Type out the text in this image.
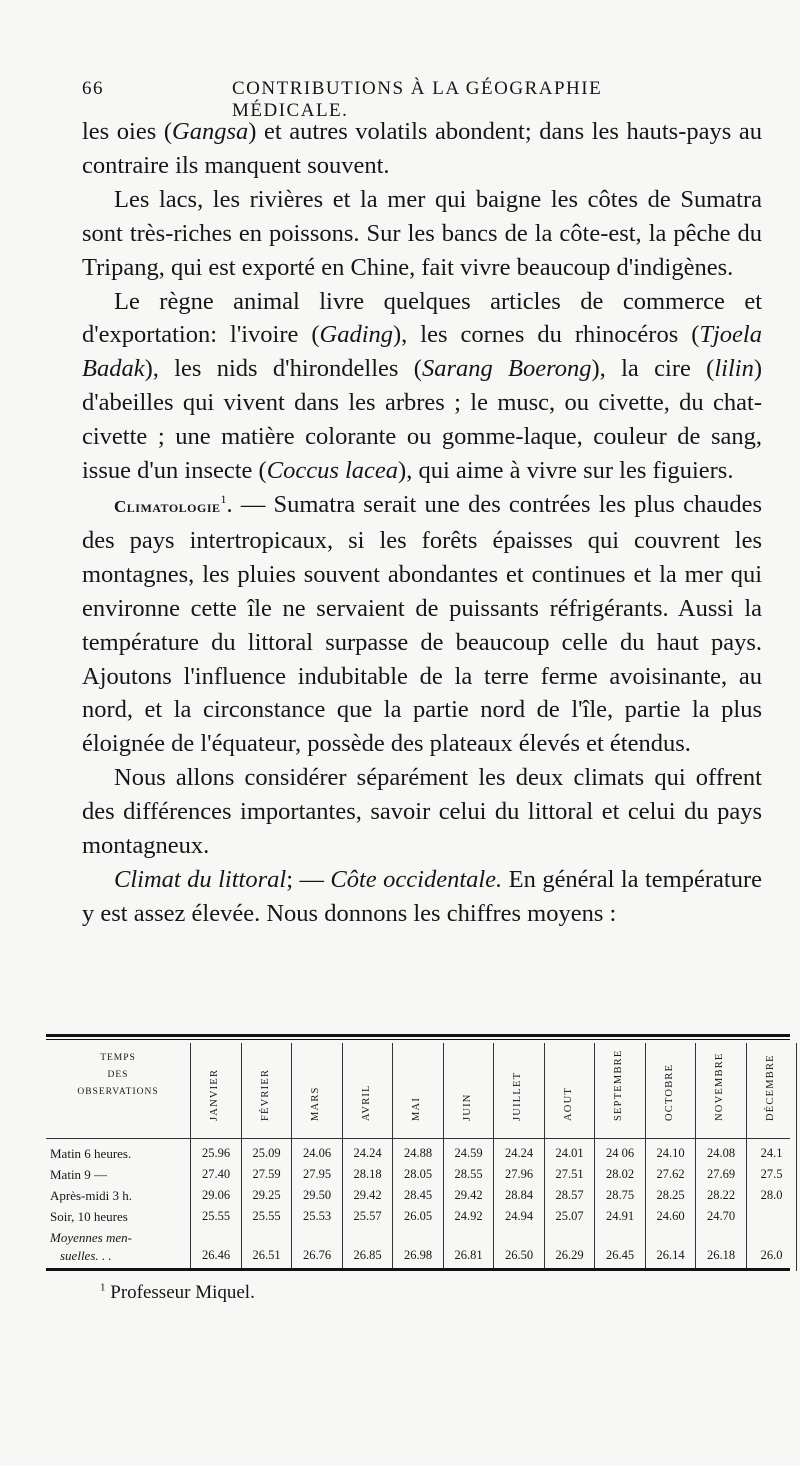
66	CONTRIBUTIONS À LA GÉOGRAPHIE MÉDICALE.

les oies (Gangsa) et autres volatils abondent; dans les hauts-pays au contraire ils manquent souvent.

Les lacs, les rivières et la mer qui baigne les côtes de Sumatra sont très-riches en poissons. Sur les bancs de la côte-est, la pêche du Tripang, qui est exporté en Chine, fait vivre beaucoup d'indigènes.

Le règne animal livre quelques articles de commerce et d'exportation: l'ivoire (Gading), les cornes du rhinocéros (Tjoela Badak), les nids d'hirondelles (Sarang Boerong), la cire (lilin) d'abeilles qui vivent dans les arbres ; le musc, ou civette, du chat-civette ; une matière colorante ou gomme-laque, couleur de sang, issue d'un insecte (Coccus lacea), qui aime à vivre sur les figuiers.

Climatologie$^1$. — Sumatra serait une des contrées les plus chaudes des pays intertropicaux, si les forêts épaisses qui couvrent les montagnes, les pluies souvent abondantes et continues et la mer qui environne cette île ne servaient de puissants réfrigérants. Aussi la température du littoral surpasse de beaucoup celle du haut pays. Ajoutons l'influence indubitable de la terre ferme avoisinante, au nord, et la circonstance que la partie nord de l'île, partie la plus éloignée de l'équateur, possède des plateaux élevés et étendus.

Nous allons considérer séparément les deux climats qui offrent des différences importantes, savoir celui du littoral et celui du pays montagneux.

Climat du littoral; — Côte occidentale. En général la température y est assez élevée. Nous donnons les chiffres moyens :

TEMPS
DES
OBSERVATIONS	JANVIER	FÉVRIER	MARS	AVRIL	MAI	JUIN	JUILLET	AOUT	SEPTEMBRE	OCTOBRE	NOVEMBRE	DÉCEMBRE
Matin 6 heures.	25.96	25.09	24.06	24.24	24.88	24.59	24.24	24.01	24 06	24.10	24.08	24.1
Matin 9 —	27.40	27.59	27.95	28.18	28.05	28.55	27.96	27.51	28.02	27.62	27.69	27.5
Après-midi 3 h.	29.06	29.25	29.50	29.42	28.45	29.42	28.84	28.57	28.75	28.25	28.22	28.0
Soir, 10 heures	25.55	25.55	25.53	25.57	26.05	24.92	24.94	25.07	24.91	24.60	24.70
Moyennes men-
suelles. . .	26.46	26.51	26.76	26.85	26.98	26.81	26.50	26.29	26.45	26.14	26.18	26.0
$^1$ Professeur Miquel.
